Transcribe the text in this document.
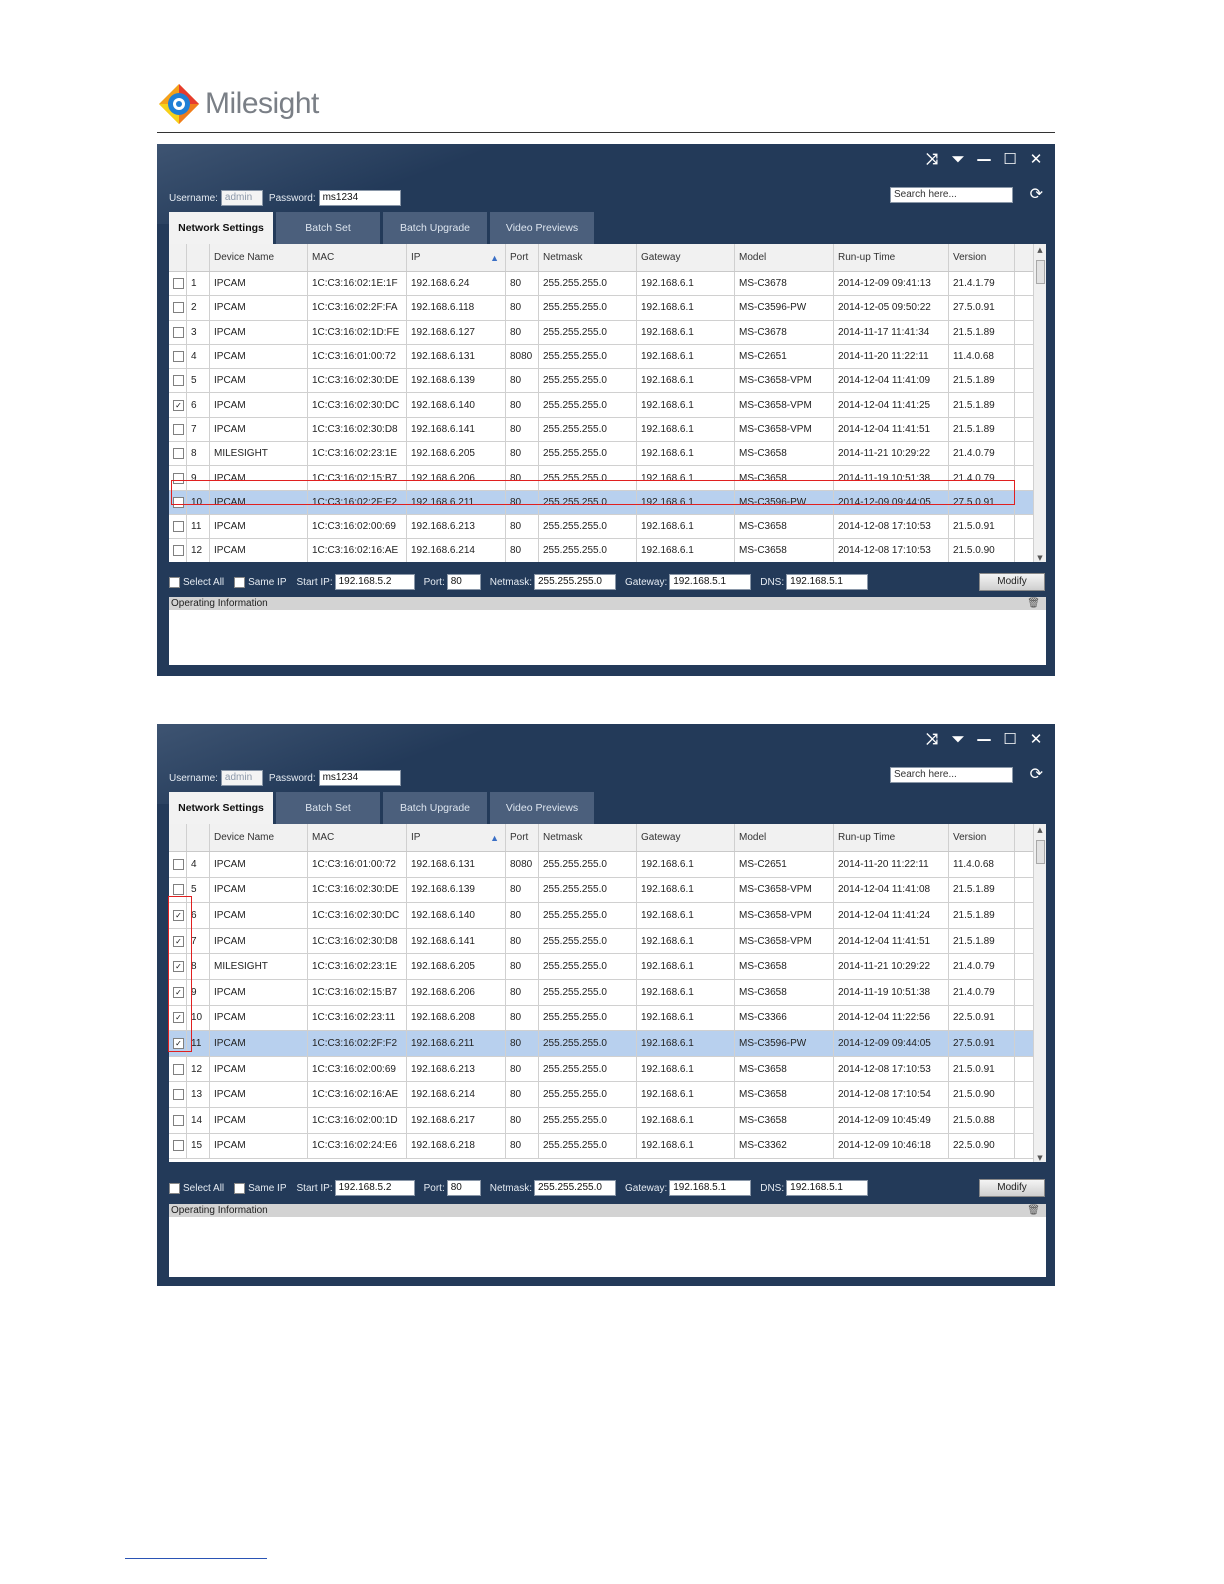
Milesight
⤨ ⏷ — ☐ ✕
Username: admin	Password: ms1234	Search here...	⟳
Network Settings	Batch Set	Batch Upgrade	Video Previews
Device Name	MAC	IP	▲	Port	Netmask	Gateway	Model	Run-up Time	Version
1	IPCAM	1C:C3:16:02:1E:1F	192.168.6.24	80	255.255.255.0	192.168.6.1	MS-C3678	2014-12-09 09:41:13	21.4.1.79
2	IPCAM	1C:C3:16:02:2F:FA	192.168.6.118	80	255.255.255.0	192.168.6.1	MS-C3596-PW	2014-12-05 09:50:22	27.5.0.91
3	IPCAM	1C:C3:16:02:1D:FE	192.168.6.127	80	255.255.255.0	192.168.6.1	MS-C3678	2014-11-17 11:41:34	21.5.1.89
4	IPCAM	1C:C3:16:01:00:72	192.168.6.131	8080	255.255.255.0	192.168.6.1	MS-C2651	2014-11-20 11:22:11	11.4.0.68
5	IPCAM	1C:C3:16:02:30:DE	192.168.6.139	80	255.255.255.0	192.168.6.1	MS-C3658-VPM	2014-12-04 11:41:09	21.5.1.89
✓ 6	IPCAM	1C:C3:16:02:30:DC	192.168.6.140	80	255.255.255.0	192.168.6.1	MS-C3658-VPM	2014-12-04 11:41:25	21.5.1.89
7	IPCAM	1C:C3:16:02:30:D8	192.168.6.141	80	255.255.255.0	192.168.6.1	MS-C3658-VPM	2014-12-04 11:41:51	21.5.1.89
8	MILESIGHT	1C:C3:16:02:23:1E	192.168.6.205	80	255.255.255.0	192.168.6.1	MS-C3658	2014-11-21 10:29:22	21.4.0.79
9	IPCAM	1C:C3:16:02:15:B7	192.168.6.206	80	255.255.255.0	192.168.6.1	MS-C3658	2014-11-19 10:51:38	21.4.0.79
10	IPCAM	1C:C3:16:02:2F:F2	192.168.6.211	80	255.255.255.0	192.168.6.1	MS-C3596-PW	2014-12-09 09:44:05	27.5.0.91
11	IPCAM	1C:C3:16:02:00:69	192.168.6.213	80	255.255.255.0	192.168.6.1	MS-C3658	2014-12-08 17:10:53	21.5.0.91
12	IPCAM	1C:C3:16:02:16:AE	192.168.6.214	80	255.255.255.0	192.168.6.1	MS-C3658	2014-12-08 17:10:53	21.5.0.90
▲
▼
Select All Same IP Start IP: 192.168.5.2	Port: 80	Netmask: 255.255.255.0	Gateway: 192.168.5.1	DNS: 192.168.5.1	Modify
Operating Information	🗑
⤨ ⏷ — ☐ ✕
Username: admin	Password: ms1234	Search here...	⟳
Network Settings	Batch Set	Batch Upgrade	Video Previews
Device Name	MAC	IP	▲	Port	Netmask	Gateway	Model	Run-up Time	Version
4	IPCAM	1C:C3:16:01:00:72	192.168.6.131	8080	255.255.255.0	192.168.6.1	MS-C2651	2014-11-20 11:22:11	11.4.0.68
5	IPCAM	1C:C3:16:02:30:DE	192.168.6.139	80	255.255.255.0	192.168.6.1	MS-C3658-VPM	2014-12-04 11:41:08	21.5.1.89
✓ 6	IPCAM	1C:C3:16:02:30:DC	192.168.6.140	80	255.255.255.0	192.168.6.1	MS-C3658-VPM	2014-12-04 11:41:24	21.5.1.89
✓ 7	IPCAM	1C:C3:16:02:30:D8	192.168.6.141	80	255.255.255.0	192.168.6.1	MS-C3658-VPM	2014-12-04 11:41:51	21.5.1.89
✓ 8	MILESIGHT	1C:C3:16:02:23:1E	192.168.6.205	80	255.255.255.0	192.168.6.1	MS-C3658	2014-11-21 10:29:22	21.4.0.79
✓ 9	IPCAM	1C:C3:16:02:15:B7	192.168.6.206	80	255.255.255.0	192.168.6.1	MS-C3658	2014-11-19 10:51:38	21.4.0.79
✓ 10	IPCAM	1C:C3:16:02:23:11	192.168.6.208	80	255.255.255.0	192.168.6.1	MS-C3366	2014-12-04 11:22:56	22.5.0.91
✓ 11	IPCAM	1C:C3:16:02:2F:F2	192.168.6.211	80	255.255.255.0	192.168.6.1	MS-C3596-PW	2014-12-09 09:44:05	27.5.0.91
12	IPCAM	1C:C3:16:02:00:69	192.168.6.213	80	255.255.255.0	192.168.6.1	MS-C3658	2014-12-08 17:10:53	21.5.0.91
13	IPCAM	1C:C3:16:02:16:AE	192.168.6.214	80	255.255.255.0	192.168.6.1	MS-C3658	2014-12-08 17:10:54	21.5.0.90
14	IPCAM	1C:C3:16:02:00:1D	192.168.6.217	80	255.255.255.0	192.168.6.1	MS-C3658	2014-12-09 10:45:49	21.5.0.88
15	IPCAM	1C:C3:16:02:24:E6	192.168.6.218	80	255.255.255.0	192.168.6.1	MS-C3362	2014-12-09 10:46:18	22.5.0.90
▲
▼
Select All Same IP Start IP: 192.168.5.2	Port: 80	Netmask: 255.255.255.0	Gateway: 192.168.5.1	DNS: 192.168.5.1	Modify
Operating Information	🗑
